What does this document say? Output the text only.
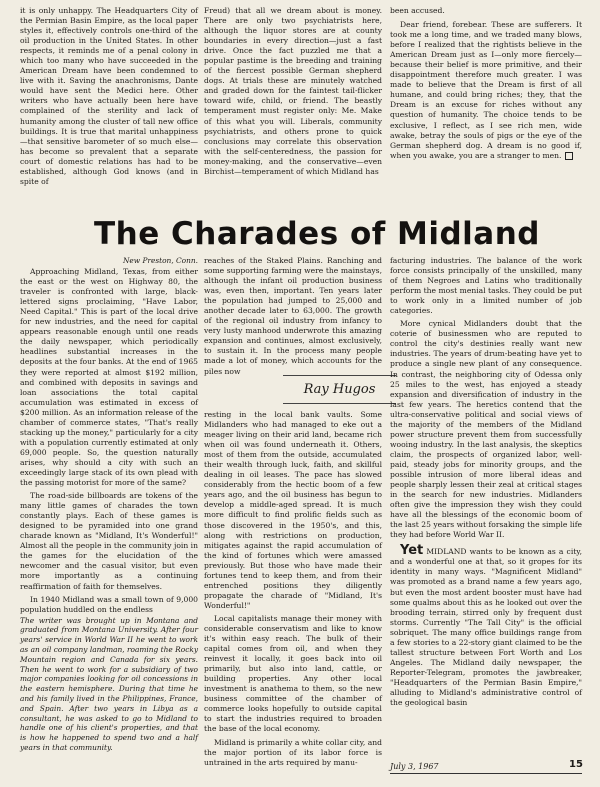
it is only unhappy. The Headquarters City of the Permian Basin Empire, as the local paper styles it, effectively controls one-third of the oil production in the United States. In other respects, it reminds me of a penal colony in which too many who have succeeded in the American Dream have been condemned to live with it. Saving the anachronisms, Dante would have sent the Medici here. Other writers who have actually been here have complained of the sterility and lack of humanity among the cluster of tall new office buildings. It is true that marital unhappiness—that sensitive barometer of so much else—has become so prevalent that a separate court of domestic relations has had to be established, although God knows (and in spite of

Freud) that all we dream about is money. There are only two psychiatrists here, although the liquor stores are at county boundaries in every direction—just a fast drive. Once the fact puzzled me that a popular pastime is the breeding and training of the fiercest possible German shepherd dogs. At trials these are minutely watched and graded down for the faintest tail-flicker toward wife, child, or friend. The beastly temperament must register only: Me. Make of this what you will. Liberals, community psychiatrists, and others prone to quick conclusions may correlate this observation with the self-centeredness, the passion for money-making, and the conservative—even Birchist—temperament of which Midland has

been accused.

Dear friend, forebear. These are sufferers. It took me a long time, and we traded many blows, before I realized that the rightists believe in the American Dream just as I—only more fiercely—because their belief is more primitive, and their disappointment therefore much greater. I was made to believe that the Dream is first of all humane, and could bring riches; they, that the Dream is an excuse for riches without any question of humanity. The choice tends to be exclusive, I reflect, as I see rich men, wide awake, betray the souls of pigs or the eye of the German shepherd dog. A dream is no good if, when you awake, you are a stranger to men.

The Charades of Midland

New Preston, Conn.

Approaching Midland, Texas, from either the east or the west on Highway 80, the traveler is confronted with large, black-lettered signs proclaiming, "Have Labor, Need Capital." This is part of the local drive for new industries, and the need for capital appears reasonable enough until one reads the daily newspaper, which periodically headlines substantial increases in the deposits at the four banks. At the end of 1965 they were reported at almost $192 million, and combined with deposits in savings and loan associations the total capital accumulation was estimated in excess of $200 million. As an information release of the chamber of commerce states, "That's really stacking up the money," particularly for a city with a population currently estimated at only 69,000 people. So, the question naturally arises, why should a city with such an exceedingly large stack of its own plead with the passing motorist for more of the same?

The road-side billboards are tokens of the many little games of charades the town constantly plays. Each of these games is designed to be pyramided into one grand charade known as "Midland, It's Wonderful!" Almost all the people in the community join in the games for the elucidation of the newcomer and the casual visitor, but even more importantly as a continuing reaffirmation of faith for themselves.

In 1940 Midland was a small town of 9,000 population huddled on the endless

The writer was brought up in Montana and graduated from Montana University. After four years' service in World War II he went to work as an oil company landman, roaming the Rocky Mountain region and Canada for six years. Then he went to work for a subsidiary of two major companies looking for oil concessions in the eastern hemisphere. During that time he and his family lived in the Philippines, France, and Spain. After two years in Libya as a consultant, he was asked to go to Midland to handle one of his client's properties, and that is how he happened to spend two and a half years in that community.

reaches of the Staked Plains. Ranching and some supporting farming were the mainstays, although the infant oil production business was, even then, important. Ten years later the population had jumped to 25,000 and another decade later to 63,000. The growth of the regional oil industry from infancy to very lusty manhood underwrote this amazing expansion and continues, almost exclusively, to sustain it. In the process many people made a lot of money, which accounts for the piles now

Ray Hugos

resting in the local bank vaults. Some Midlanders who had managed to eke out a meager living on their arid land, became rich when oil was found underneath it. Others, most of them from the outside, accumulated their wealth through luck, faith, and skillful dealing in oil leases. The pace has slowed considerably from the hectic boom of a few years ago, and the oil business has begun to develop a middle-aged spread. It is much more difficult to find prolific fields such as those discovered in the 1950's, and this, along with restrictions on production, mitigates against the rapid accumulation of the kind of fortunes which were amassed previously. But those who have made their fortunes tend to keep them, and from their entrenched positions they diligently propagate the charade of "Midland, It's Wonderful!"

Local capitalists manage their money with considerable conservatism and like to know it's within easy reach. The bulk of their capital comes from oil, and when they reinvest it locally, it goes back into oil primarily, but also into land, cattle, or building properties. Any other local investment is anathema to them, so the new business committee of the chamber of commerce looks hopefully to outside capital to start the industries required to broaden the base of the local economy.

Midland is primarily a white collar city, and the major portion of its labor force is untrained in the arts required by manu-

facturing industries. The balance of the work force consists principally of the unskilled, many of them Negroes and Latins who traditionally perform the most menial tasks. They could be put to work only in a limited number of job categories.

More cynical Midlanders doubt that the coterie of businessmen who are reputed to control the city's destinies really want new industries. The years of drum-beating have yet to produce a single new plant of any consequence. In contrast, the neighboring city of Odessa only 25 miles to the west, has enjoyed a steady expansion and diversification of industry in the last few years. The heretics contend that the ultra-conservative political and social views of the majority of the members of the Midland power structure prevent them from successfully wooing industry. In the last analysis, the skeptics claim, the prospects of organized labor, well-paid, steady jobs for minority groups, and the possible intrusion of more liberal ideas and people sharply lessen their zeal at critical stages in the search for new industries. Midlanders often give the impression they wish they could have all the blessings of the economic boom of the last 25 years without forsaking the simple life they had before World War II.

Yet MIDLAND wants to be known as a city, and a wonderful one at that, so it gropes for its identity in many ways. "Magnificent Midland" was promoted as a brand name a few years ago, but even the most ardent booster must have had some qualms about this as he looked out over the brooding terrain, stirred only by frequent dust storms. Currently "The Tall City" is the official sobriquet. The many office buildings range from a few stories to a 22-story giant claimed to be the tallest structure between Fort Worth and Los Angeles. The Midland daily newspaper, the Reporter-Telegram, promotes the jawbreaker, "Headquarters of the Permian Basin Empire," alluding to Midland's administrative control of the geological basin

July 3, 1967	15
